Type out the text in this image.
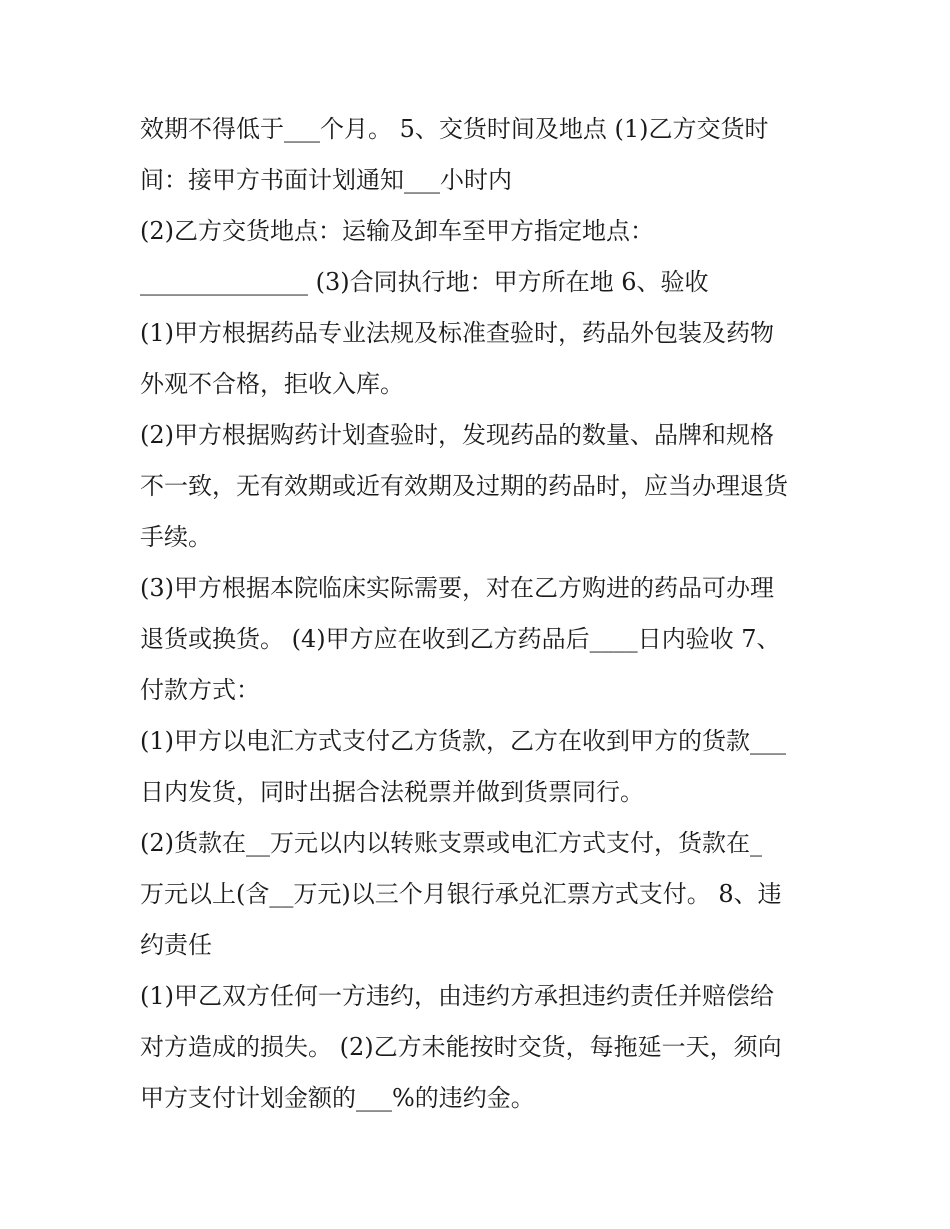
效期不得低于___个月。 5、交货时间及地点 (1)乙方交货时
间：接甲方书面计划通知___小时内
(2)乙方交货地点：运输及卸车至甲方指定地点：
______________ (3)合同执行地：甲方所在地 6、验收
(1)甲方根据药品专业法规及标准查验时，药品外包装及药物
外观不合格，拒收入库。
(2)甲方根据购药计划查验时，发现药品的数量、品牌和规格
不一致，无有效期或近有效期及过期的药品时，应当办理退货
手续。
(3)甲方根据本院临床实际需要，对在乙方购进的药品可办理
退货或换货。 (4)甲方应在收到乙方药品后____日内验收 7、
付款方式：
(1)甲方以电汇方式支付乙方货款，乙方在收到甲方的货款___
日内发货，同时出据合法税票并做到货票同行。
(2)货款在__万元以内以转账支票或电汇方式支付，货款在_
万元以上(含__万元)以三个月银行承兑汇票方式支付。 8、违
约责任
(1)甲乙双方任何一方违约，由违约方承担违约责任并赔偿给
对方造成的损失。 (2)乙方未能按时交货，每拖延一天，须向
甲方支付计划金额的___%的违约金。
